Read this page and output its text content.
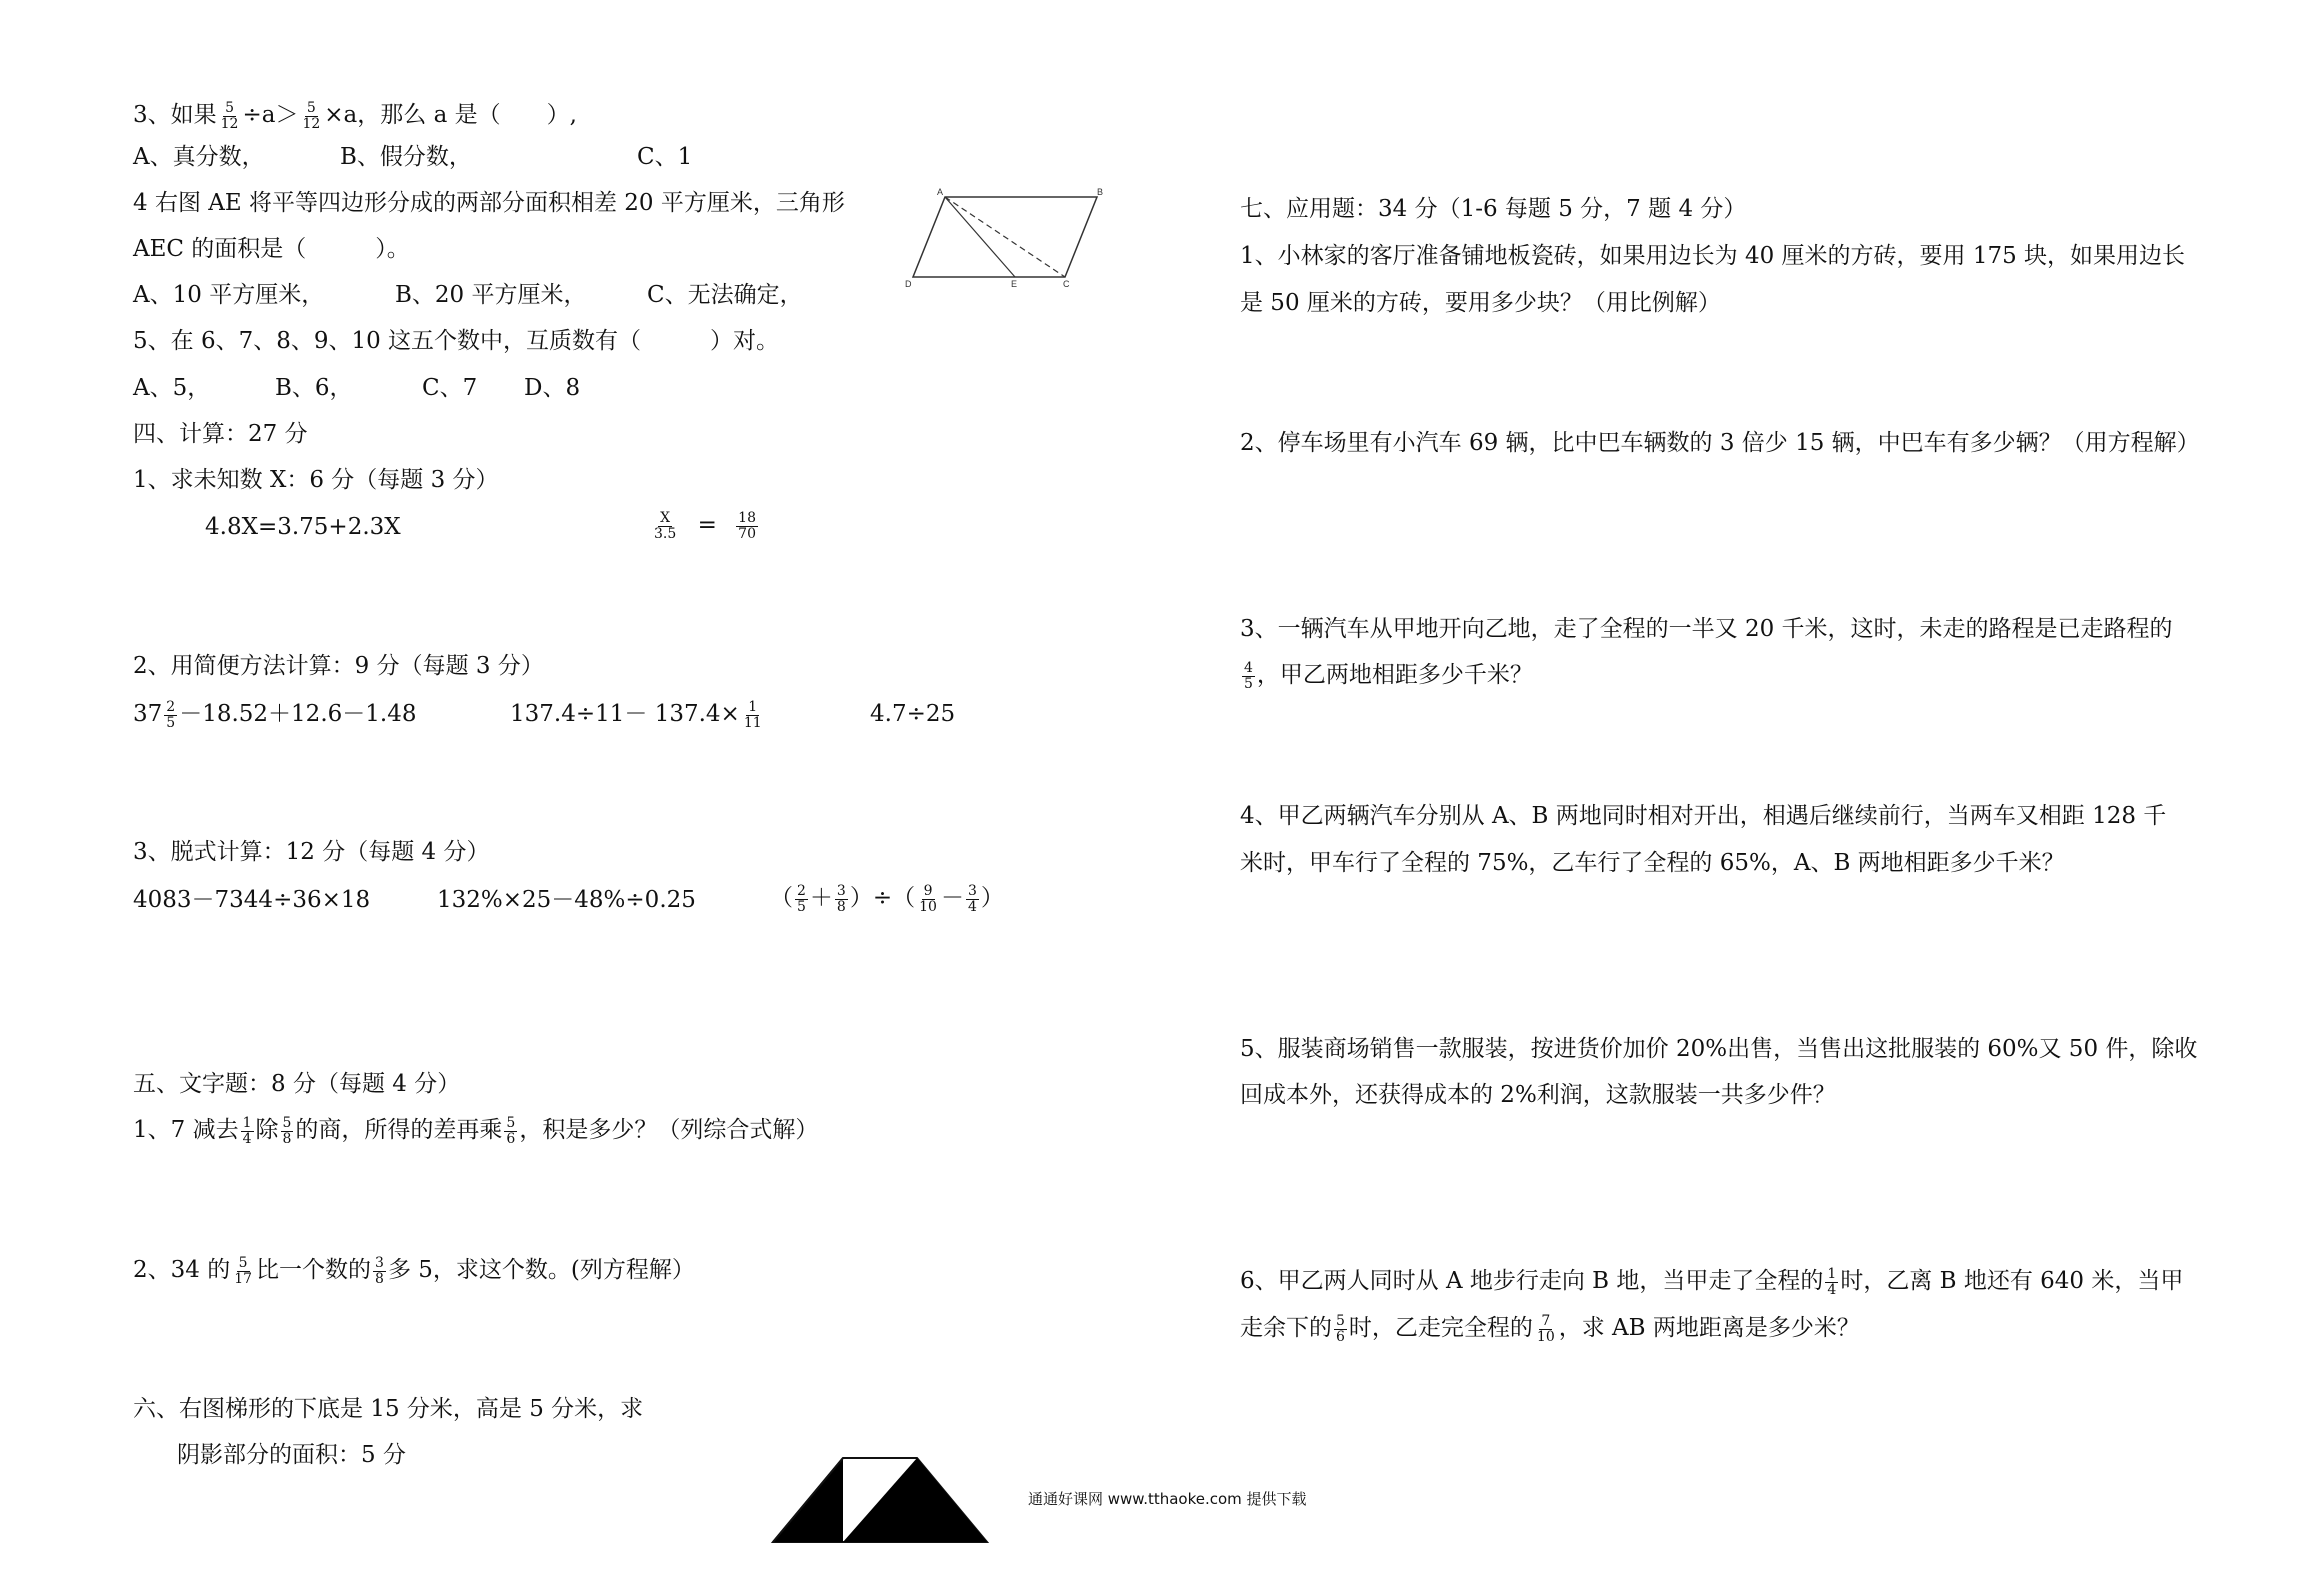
3、如果 $\frac{5}{12} \div a> \frac{5}{12} \times a$，那么 a 是（　　）,
A、真分数，	B、假分数，	C、1
4 右图 AE 将平等四边形分成的两部分面积相差 20 平方厘米，三角形
AEC 的面积是（　　　）。
A、10 平方厘米，	B、20 平方厘米，	C、无法确定，
A	B
D	E	C
5、在 6、7、8、9、10 这五个数中，互质数有（　　　）对。
A、5，	B、6，	C、7 D、8
四、计算：27 分
1、求未知数 X：6 分（每题 3 分）
4.8X=3.75+2.3X	$\frac{X}{3.5} = \frac{18}{70}$
2、用简便方法计算：9 分（每题 3 分）
$37 \frac{2}{5} -18.52+12.6-1.48$	$137.4\div 11- 137.4\times \frac{1}{11}$	4.7÷25
3、脱式计算：12 分（每题 4 分）
4083－7344÷36×18	132%×25－48%÷0.25	（ $\frac{2}{5} + \frac{3}{8}$ ）÷（ $\frac{9}{10} - \frac{3}{4}$ ）
五、文字题：8 分（每题 4 分）
1、7 减去 $\frac{1}{4}$ 除 $\frac{5}{8}$ 的商，所得的差再乘 $\frac{5}{6}$ ，积是多少？（列综合式解）
2、34 的 $\frac{5}{17}$ 比一个数的 $\frac{3}{8}$ 多 5，求这个数。(列方程解）
六、右图梯形的下底是 15 分米，高是 5 分米，求
阴影部分的面积：5 分
七、应用题：34 分（1-6 每题 5 分，7 题 4 分）
1、小林家的客厅准备铺地板瓷砖，如果用边长为 40 厘米的方砖，要用 175 块，如果用边长
是 50 厘米的方砖，要用多少块？（用比例解）
2、停车场里有小汽车 69 辆，比中巴车辆数的 3 倍少 15 辆，中巴车有多少辆？（用方程解）
3、一辆汽车从甲地开向乙地，走了全程的一半又 20 千米，这时，未走的路程是已走路程的
$\frac{4}{5}$ ，甲乙两地相距多少千米？
4、甲乙两辆汽车分别从 A、B 两地同时相对开出，相遇后继续前行，当两车又相距 128 千
米时，甲车行了全程的 75%，乙车行了全程的 65%，A、B 两地相距多少千米？
5、服装商场销售一款服装，按进货价加价 20%出售，当售出这批服装的 60%又 50 件，除收
回成本外，还获得成本的 2%利润，这款服装一共多少件？
6、甲乙两人同时从 A 地步行走向 B 地，当甲走了全程的 $\frac{1}{4}$ 时，乙离 B 地还有 640 米，当甲
走余下的 $\frac{5}{6}$ 时，乙走完全程的 $\frac{7}{10}$ ，求 AB 两地距离是多少米？
通通好课网 www.tthaoke.com 提供下载
